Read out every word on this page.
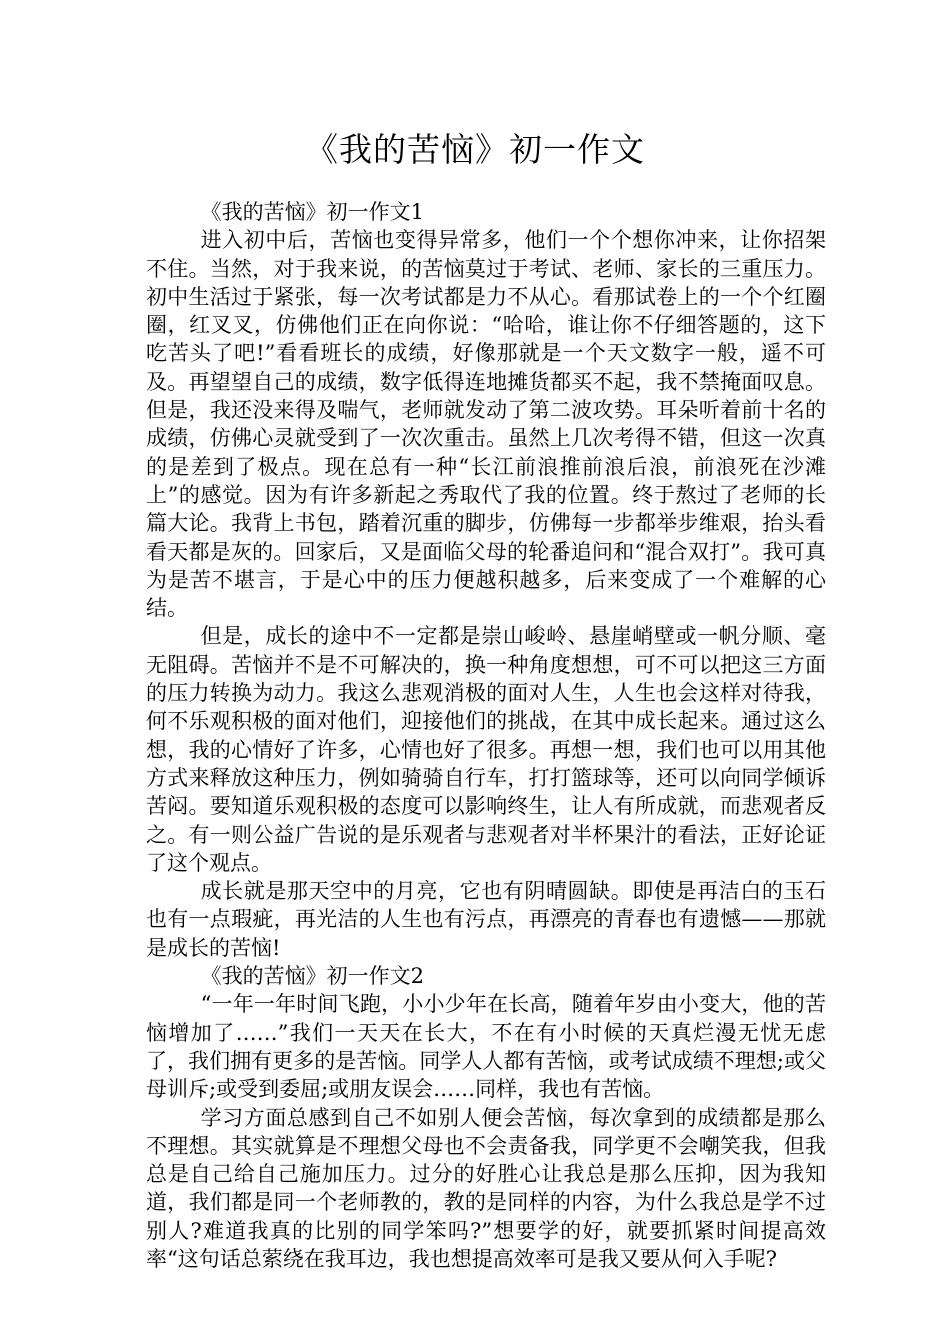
《我的苦恼》初一作文

《我的苦恼》初一作文1

进入初中后，苦恼也变得异常多，他们一个个想你冲来，让你招架不住。当然，对于我来说，的苦恼莫过于考试、老师、家长的三重压力。初中生活过于紧张，每一次考试都是力不从心。看那试卷上的一个个红圈圈，红叉叉，仿佛他们正在向你说：“哈哈，谁让你不仔细答题的，这下吃苦头了吧!”看看班长的成绩，好像那就是一个天文数字一般，遥不可及。再望望自己的成绩，数字低得连地摊货都买不起，我不禁掩面叹息。但是，我还没来得及喘气，老师就发动了第二波攻势。耳朵听着前十名的成绩，仿佛心灵就受到了一次次重击。虽然上几次考得不错，但这一次真的是差到了极点。现在总有一种“长江前浪推前浪后浪，前浪死在沙滩上”的感觉。因为有许多新起之秀取代了我的位置。终于熬过了老师的长篇大论。我背上书包，踏着沉重的脚步，仿佛每一步都举步维艰，抬头看看天都是灰的。回家后，又是面临父母的轮番追问和“混合双打”。我可真为是苦不堪言，于是心中的压力便越积越多，后来变成了一个难解的心结。

但是，成长的途中不一定都是崇山峻岭、悬崖峭壁或一帆分顺、毫无阻碍。苦恼并不是不可解决的，换一种角度想想，可不可以把这三方面的压力转换为动力。我这么悲观消极的面对人生，人生也会这样对待我，何不乐观积极的面对他们，迎接他们的挑战，在其中成长起来。通过这么想，我的心情好了许多，心情也好了很多。再想一想，我们也可以用其他方式来释放这种压力，例如骑骑自行车，打打篮球等，还可以向同学倾诉苦闷。要知道乐观积极的态度可以影响终生，让人有所成就，而悲观者反之。有一则公益广告说的是乐观者与悲观者对半杯果汁的看法，正好论证了这个观点。

成长就是那天空中的月亮，它也有阴晴圆缺。即使是再洁白的玉石也有一点瑕疵，再光洁的人生也有污点，再漂亮的青春也有遗憾——那就是成长的苦恼!

《我的苦恼》初一作文2

“一年一年时间飞跑，小小少年在长高，随着年岁由小变大，他的苦恼增加了……”我们一天天在长大，不在有小时候的天真烂漫无忧无虑了，我们拥有更多的是苦恼。同学人人都有苦恼，或考试成绩不理想;或父母训斥;或受到委屈;或朋友误会……同样，我也有苦恼。

学习方面总感到自己不如别人便会苦恼，每次拿到的成绩都是那么不理想。其实就算是不理想父母也不会责备我，同学更不会嘲笑我，但我总是自己给自己施加压力。过分的好胜心让我总是那么压抑，因为我知道，我们都是同一个老师教的，教的是同样的内容，为什么我总是学不过别人?难道我真的比别的同学笨吗?”想要学的好，就要抓紧时间提高效率“这句话总萦绕在我耳边，我也想提高效率可是我又要从何入手呢?
